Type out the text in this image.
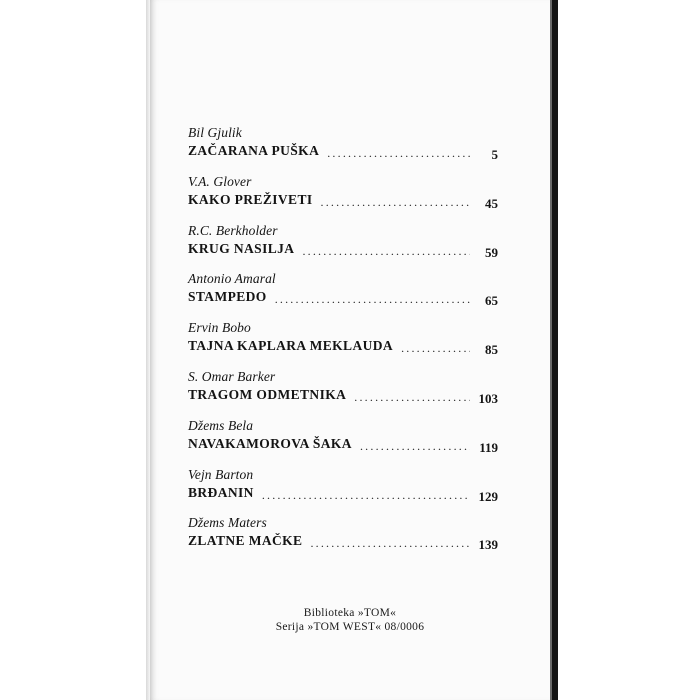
Bil Gjulik
ZAČARANA PUŠKA .....	5
V.A. Glover
KAKO PREŽIVETI .....	45
R.C. Berkholder
KRUG NASILJA .....	59
Antonio Amaral
STAMPEDO .....	65
Ervin Bobo
TAJNA KAPLARA MEKLAUDA .....	85
S. Omar Barker
TRAGOM ODMETNIKA .....	103
Džems Bela
NAVAKAMOROVA ŠAKA .....	119
Vejn Barton
BRĐANIN .....	129
Džems Maters
ZLATNE MAČKE .....	139
Biblioteka »TOM«
Serija »TOM WEST« 08/0006
